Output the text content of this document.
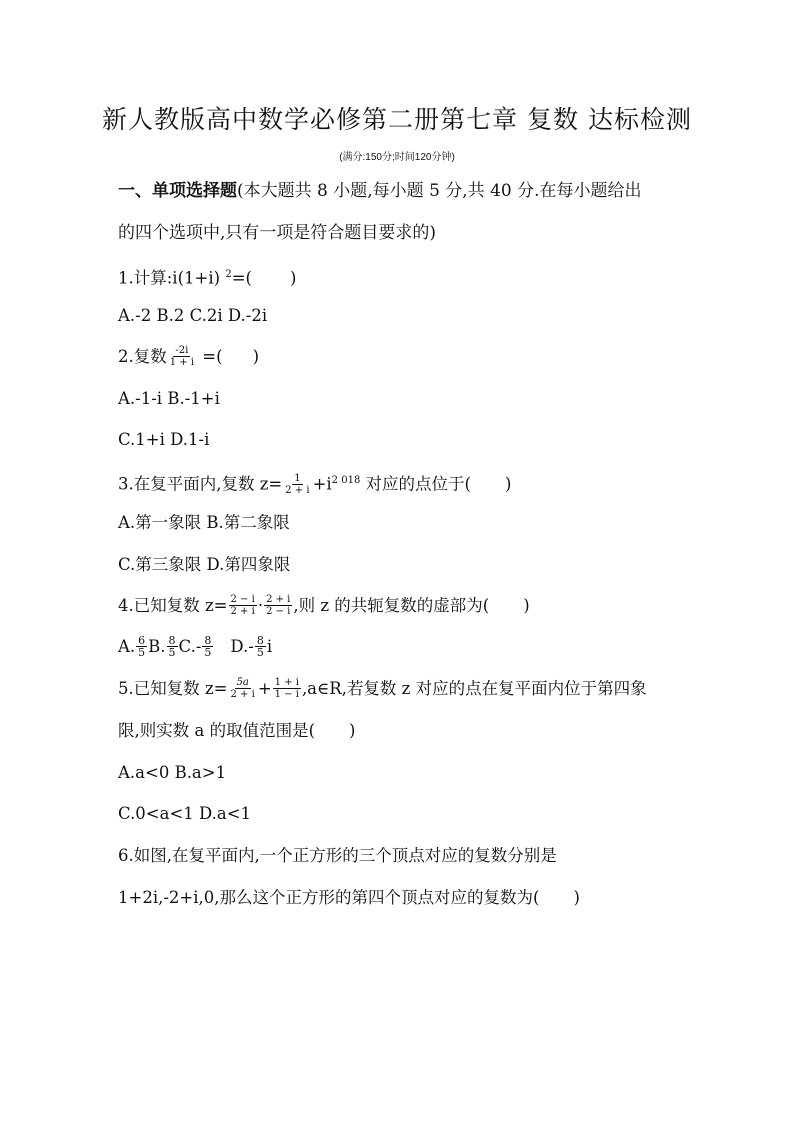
新人教版高中数学必修第二册第七章 复数 达标检测
(满分:150分;时间120分钟)
一、单项选择题(本大题共 8 小题,每小题 5 分,共 40 分.在每小题给出
的四个选项中,只有一项是符合题目要求的)
1.计算:i(1+i) $^2$=( )
A.-2 B.2 C.2i D.-2i
2.复数 $\frac{-2i}{1 + i}$ =( )
A.-1-i B.-1+i
C.1+i D.1-i
3.在复平面内,复数 $z= \frac{1}{2 + i} +i^{2 018}$ 对应的点位于( )
A.第一象限 B.第二象限
C.第三象限 D.第四象限
4.已知复数 $z= \frac{2 - i}{2 + i} \cdot \frac{2 + i}{2 - i}$ ,则 z 的共轭复数的虚部为( )
A. $\frac{6}{5} B$. $\frac{8}{5} C.- \frac{8}{5} D.- \frac{8}{5}$ i
5.已知复数 $z= \frac{5a}{2 + i} + \frac{1 + i}{1 - i}$ ,a∈R,若复数 z 对应的点在复平面内位于第四象
限,则实数 a 的取值范围是( )
A.a<0 B.a>1
C.0<a<1 D.a<1
6.如图,在复平面内,一个正方形的三个顶点对应的复数分别是
1+2i,-2+i,0,那么这个正方形的第四个顶点对应的复数为( )
